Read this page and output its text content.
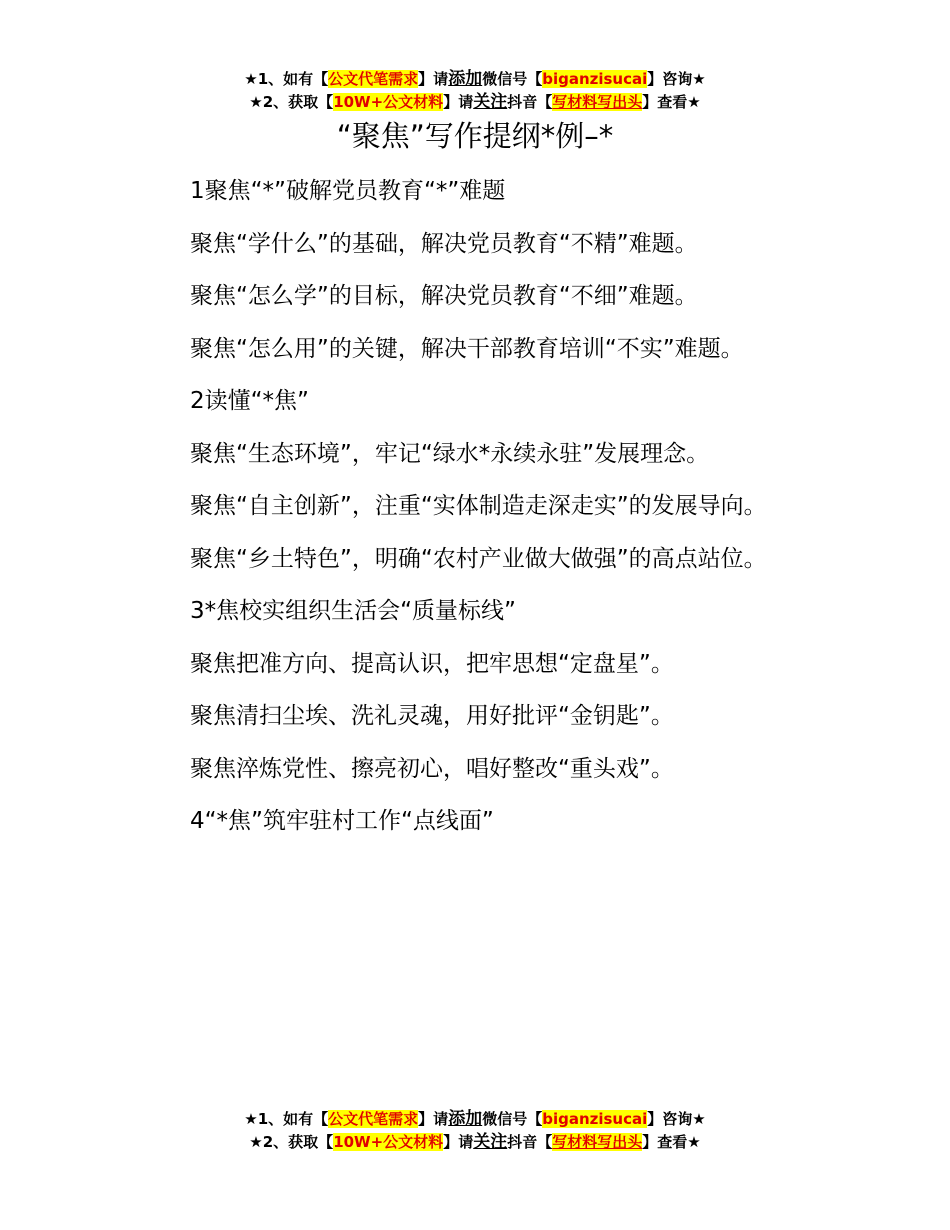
★1、如有【公文代笔需求】请添加微信号【biganzisucai】咨询★
★2、获取【10W+公文材料】请关注抖音【写材料写出头】查看★
“聚焦”写作提纲*例–*

1聚焦“*”破解党员教育“*”难题

聚焦“学什么”的基础，解决党员教育“不精”难题。

聚焦“怎么学”的目标，解决党员教育“不细”难题。

聚焦“怎么用”的关键，解决干部教育培训“不实”难题。

2读懂“*焦”

聚焦“生态环境”，牢记“绿水*永续永驻”发展理念。

聚焦“自主创新”，注重“实体制造走深走实”的发展导向。

聚焦“乡土特色”，明确“农村产业做大做强”的高点站位。

3*焦校实组织生活会“质量标线”

聚焦把准方向、提高认识，把牢思想“定盘星”。

聚焦清扫尘埃、洗礼灵魂，用好批评“金钥匙”。

聚焦淬炼党性、擦亮初心，唱好整改“重头戏”。

4“*焦”筑牢驻村工作“点线面”

★1、如有【公文代笔需求】请添加微信号【biganzisucai】咨询★
★2、获取【10W+公文材料】请关注抖音【写材料写出头】查看★
